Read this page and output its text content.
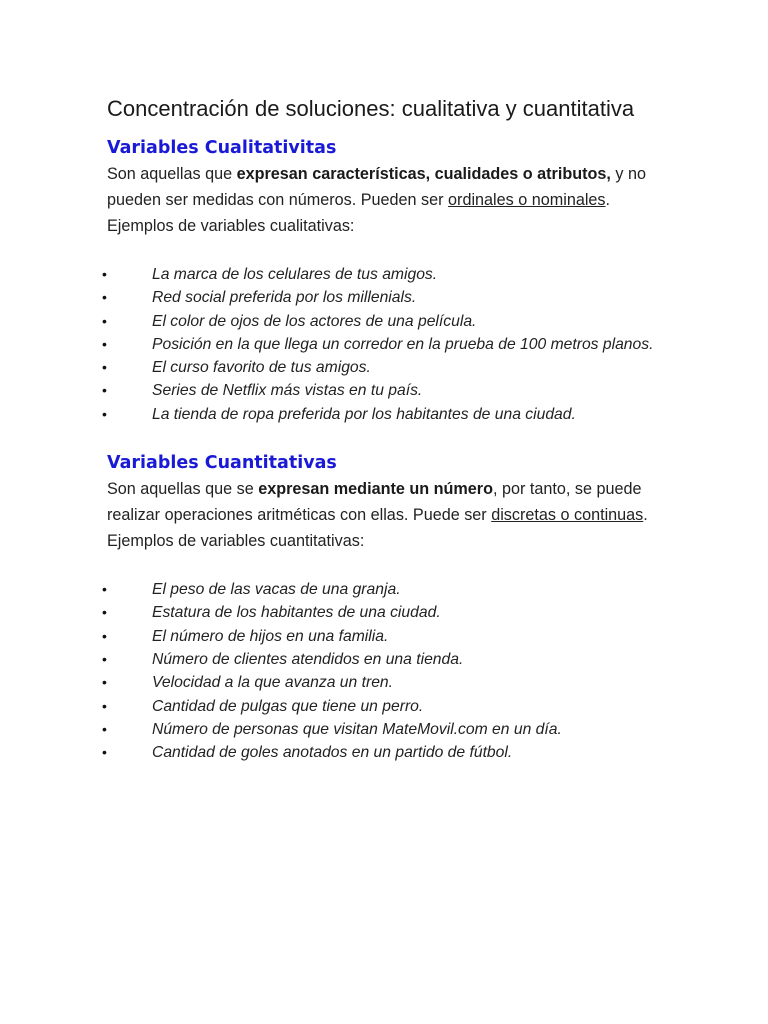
Concentración de soluciones: cualitativa y cuantitativa
Variables Cualitativitas

Son aquellas que expresan características, cualidades o atributos, y no
pueden ser medidas con números. Pueden ser ordinales o nominales.
Ejemplos de variables cualitativas:

•	La marca de los celulares de tus amigos.
•	Red social preferida por los millenials.
•	El color de ojos de los actores de una película.
•	Posición en la que llega un corredor en la prueba de 100 metros planos.
•	El curso favorito de tus amigos.
•	Series de Netflix más vistas en tu país.
•	La tienda de ropa preferida por los habitantes de una ciudad.
Variables Cuantitativas

Son aquellas que se expresan mediante un número, por tanto, se puede
realizar operaciones aritméticas con ellas. Puede ser discretas o continuas.
Ejemplos de variables cuantitativas:

•	El peso de las vacas de una granja.
•	Estatura de los habitantes de una ciudad.
•	El número de hijos en una familia.
•	Número de clientes atendidos en una tienda.
•	Velocidad a la que avanza un tren.
•	Cantidad de pulgas que tiene un perro.
•	Número de personas que visitan MateMovil.com en un día.
•	Cantidad de goles anotados en un partido de fútbol.
